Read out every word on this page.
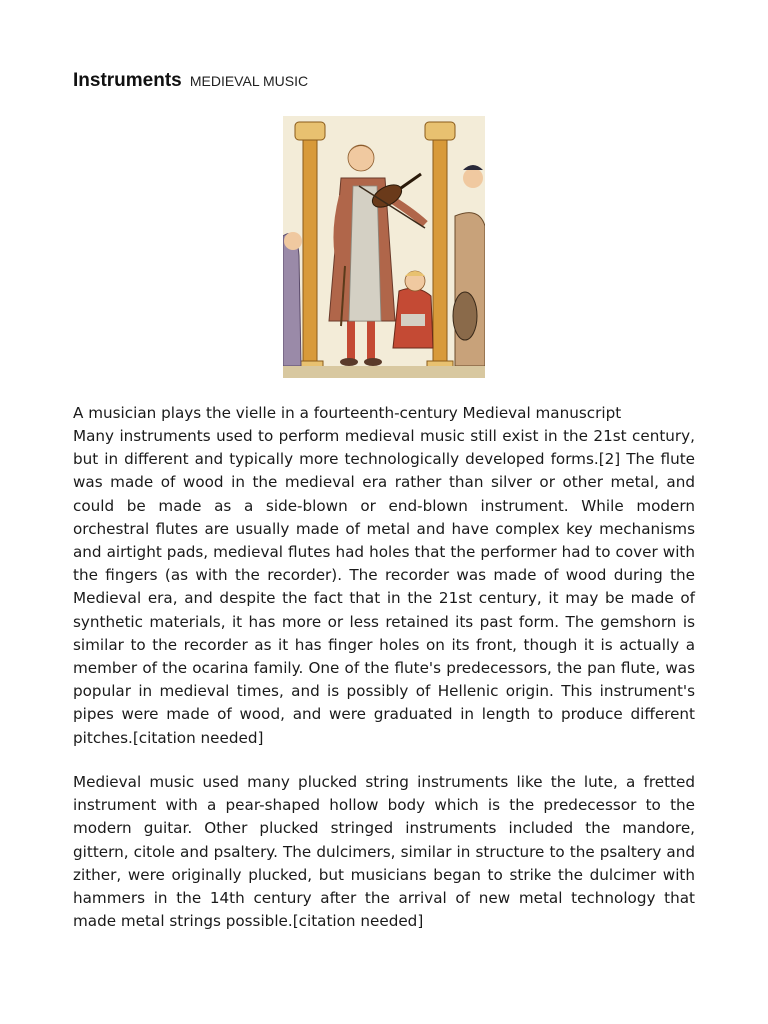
Instruments MEDIEVAL MUSIC
A musician plays the vielle in a fourteenth-century Medieval manuscript

Many instruments used to perform medieval music still exist in the 21st century, but in different and typically more technologically developed forms.[2] The flute was made of wood in the medieval era rather than silver or other metal, and could be made as a side-blown or end-blown instrument. While modern orchestral flutes are usually made of metal and have complex key mechanisms and airtight pads, medieval flutes had holes that the performer had to cover with the fingers (as with the recorder). The recorder was made of wood during the Medieval era, and despite the fact that in the 21st century, it may be made of synthetic materials, it has more or less retained its past form. The gemshorn is similar to the recorder as it has finger holes on its front, though it is actually a member of the ocarina family. One of the flute's predecessors, the pan flute, was popular in medieval times, and is possibly of Hellenic origin. This instrument's pipes were made of wood, and were graduated in length to produce different pitches.[citation needed]

Medieval music used many plucked string instruments like the lute, a fretted instrument with a pear-shaped hollow body which is the predecessor to the modern guitar. Other plucked stringed instruments included the mandore, gittern, citole and psaltery. The dulcimers, similar in structure to the psaltery and zither, were originally plucked, but musicians began to strike the dulcimer with hammers in the 14th century after the arrival of new metal technology that made metal strings possible.[citation needed]
